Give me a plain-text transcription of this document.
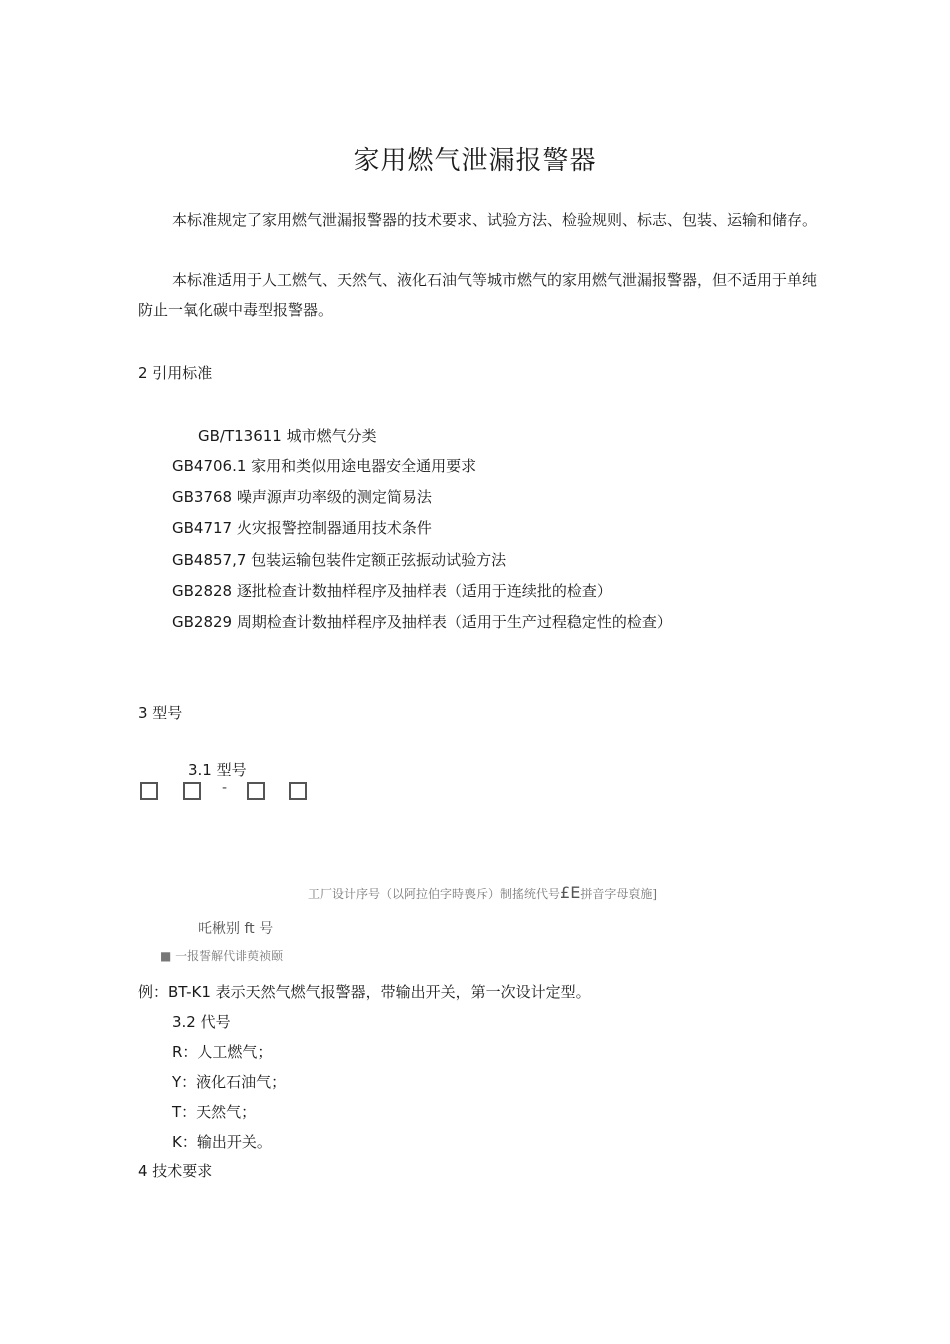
家用燃气泄漏报警器
本标准规定了家用燃气泄漏报警器的技术要求、试验方法、检验规则、标志、包装、运输和储存。
本标准适用于人工燃气、天然气、液化石油气等城市燃气的家用燃气泄漏报警器，但不适用于单纯防止一氧化碳中毒型报警器。
2 引用标准
GB/T13611 城市燃气分类
GB4706.1 家用和类似用途电器安全通用要求
GB3768 噪声源声功率级的测定简易法
GB4717 火灾报警控制器通用技术条件
GB4857,7 包装运输包装件定额正弦振动试验方法
GB2828 逐批检查计数抽样程序及抽样表（适用于连续批的检查）
GB2829 周期检查计数抽样程序及抽样表（适用于生产过程稳定性的检查）
3 型号
3.1 型号
-
工厂设计序号（以阿拉伯字時喪斥）制搖统代号£E拼音字母裒施]
吒楸别 ft 号
■ 一报誓解代诽萸祯颐
例：BT-K1 表示天然气燃气报警器，带输出开关，第一次设计定型。
3.2 代号
R：人工燃气；
Y：液化石油气；
T：天然气；
K：输出开关。
4 技术要求
